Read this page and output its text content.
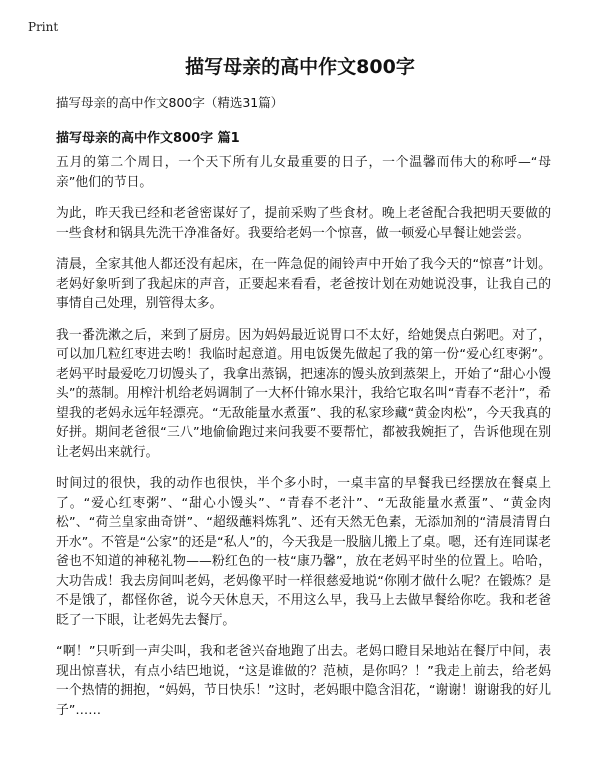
Print
描写母亲的高中作文800字

描写母亲的高中作文800字（精选31篇）

描写母亲的高中作文800字 篇1

五月的第二个周日，一个天下所有儿女最重要的日子，一个温馨而伟大的称呼—“母亲”他们的节日。

为此，昨天我已经和老爸密谋好了，提前采购了些食材。晚上老爸配合我把明天要做的一些食材和锅具先洗干净准备好。我要给老妈一个惊喜，做一顿爱心早餐让她尝尝。

清晨，全家其他人都还没有起床，在一阵急促的闹铃声中开始了我今天的“惊喜”计划。老妈好象听到了我起床的声音，正要起来看看，老爸按计划在劝她说没事，让我自己的事情自己处理，别管得太多。

我一番洗漱之后，来到了厨房。因为妈妈最近说胃口不太好，给她煲点白粥吧。对了，可以加几粒红枣进去哟！我临时起意道。用电饭煲先做起了我的第一份“爱心红枣粥”。老妈平时最爱吃刀切馒头了，我拿出蒸锅，把速冻的馒头放到蒸架上，开始了“甜心小馒头”的蒸制。用榨汁机给老妈调制了一大杯什锦水果汁，我给它取名叫“青春不老汁”，希望我的老妈永远年轻漂亮。“无敌能量水煮蛋”、我的私家珍藏“黄金肉松”，今天我真的好拼。期间老爸很“三八”地偷偷跑过来问我要不要帮忙，都被我婉拒了，告诉他现在别让老妈出来就行。

时间过的很快，我的动作也很快，半个多小时，一桌丰富的早餐我已经摆放在餐桌上了。“爱心红枣粥”、“甜心小馒头”、“青春不老汁”、“无敌能量水煮蛋”、“黄金肉松”、“荷兰皇家曲奇饼”、“超级蘸料炼乳”、还有天然无色素，无添加剂的“清晨清胃白开水”。不管是“公家”的还是“私人”的，今天我是一股脑儿搬上了桌。嗯，还有连同谋老爸也不知道的神秘礼物——粉红色的一枝“康乃馨”，放在老妈平时坐的位置上。哈哈，大功告成！我去房间叫老妈，老妈像平时一样很慈爱地说“你刚才做什么呢？在锻炼？是不是饿了，都怪你爸，说今天休息天，不用这么早，我马上去做早餐给你吃。我和老爸眨了一下眼，让老妈先去餐厅。

“啊！”只听到一声尖叫，我和老爸兴奋地跑了出去。老妈口瞪目呆地站在餐厅中间，表现出惊喜状，有点小结巴地说，“这是谁做的？范桢，是你吗？！”我走上前去，给老妈一个热情的拥抱，“妈妈，节日快乐！”这时，老妈眼中隐含泪花，“谢谢！谢谢我的好儿子”……
